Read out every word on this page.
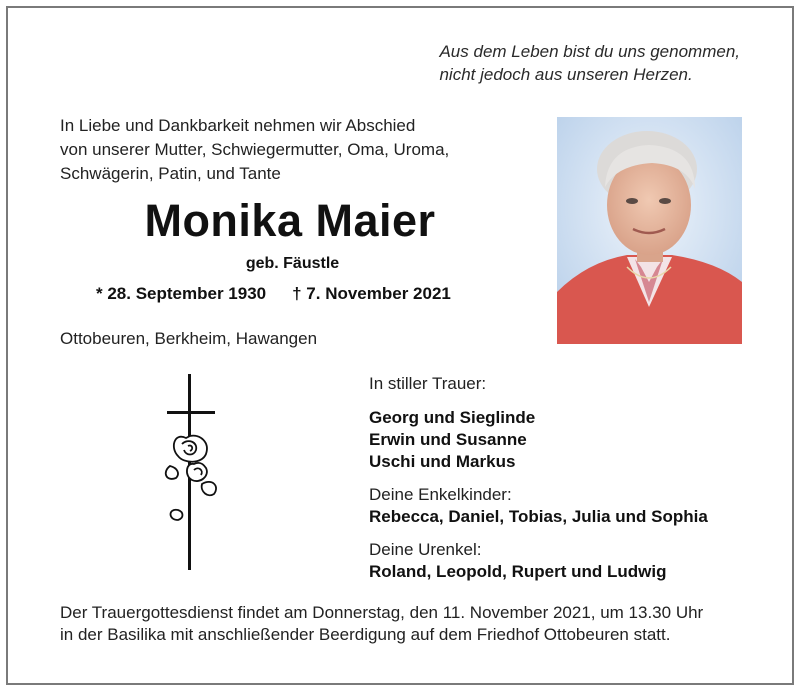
Aus dem Leben bist du uns genommen,
nicht jedoch aus unseren Herzen.
In Liebe und Dankbarkeit nehmen wir Abschied
von unserer Mutter, Schwiegermutter, Oma, Uroma,
Schwägerin, Patin, und Tante
Monika Maier
geb. Fäustle
* 28. September 1930 † 7. November 2021
Ottobeuren, Berkheim, Hawangen
In stiller Trauer:
Georg und Sieglinde
Erwin und Susanne
Uschi und Markus
Deine Enkelkinder:
Rebecca, Daniel, Tobias, Julia und Sophia
Deine Urenkel:
Roland, Leopold, Rupert und Ludwig
Der Trauergottesdienst findet am Donnerstag, den 11. November 2021, um 13.30 Uhr
in der Basilika mit anschließender Beerdigung auf dem Friedhof Ottobeuren statt.
